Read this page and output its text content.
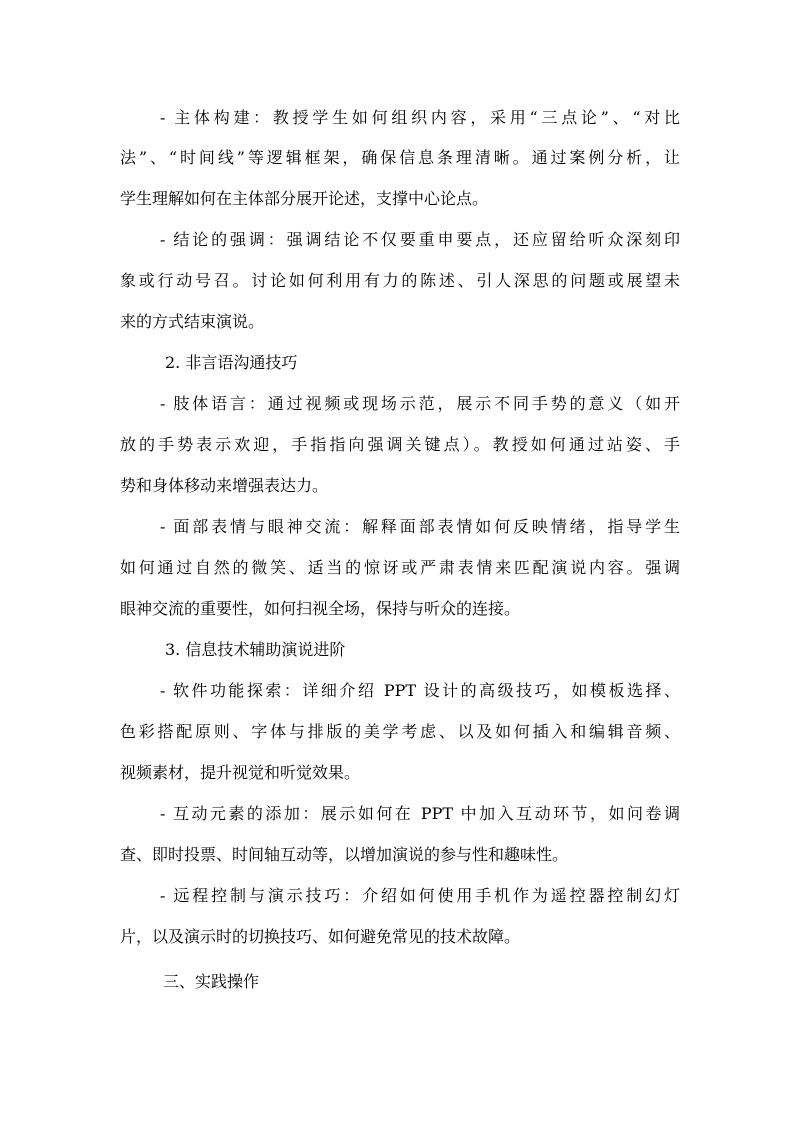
- 主体构建：教授学生如何组织内容，采用“三点论”、“对比
法”、“时间线”等逻辑框架，确保信息条理清晰。通过案例分析，让
学生理解如何在主体部分展开论述，支撑中心论点。
- 结论的强调：强调结论不仅要重申要点，还应留给听众深刻印
象或行动号召。讨论如何利用有力的陈述、引人深思的问题或展望未
来的方式结束演说。
2. 非言语沟通技巧
- 肢体语言：通过视频或现场示范，展示不同手势的意义（如开
放的手势表示欢迎，手指指向强调关键点）。教授如何通过站姿、手
势和身体移动来增强表达力。
- 面部表情与眼神交流：解释面部表情如何反映情绪，指导学生
如何通过自然的微笑、适当的惊讶或严肃表情来匹配演说内容。强调
眼神交流的重要性，如何扫视全场，保持与听众的连接。
3. 信息技术辅助演说进阶
- 软件功能探索：详细介绍 PPT 设计的高级技巧，如模板选择、
色彩搭配原则、字体与排版的美学考虑、以及如何插入和编辑音频、
视频素材，提升视觉和听觉效果。
- 互动元素的添加：展示如何在 PPT 中加入互动环节，如问卷调
查、即时投票、时间轴互动等，以增加演说的参与性和趣味性。
- 远程控制与演示技巧：介绍如何使用手机作为遥控器控制幻灯
片，以及演示时的切换技巧、如何避免常见的技术故障。
三、实践操作
